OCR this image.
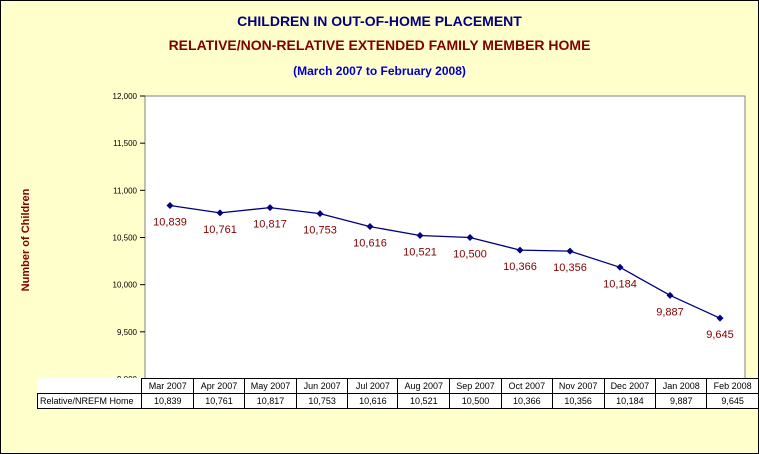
CHILDREN IN OUT-OF-HOME PLACEMENT
RELATIVE/NON-RELATIVE EXTENDED FAMILY MEMBER HOME
(March 2007 to February 2008)
Number of Children
9,500
10,000
10,500
11,000
11,500
12,000
10,839
10,761 10,817
10,753
10,616
10,521 10,500
10,366 10,356
10,184
9,887
9,645
	Mar 2007	Apr 2007	May 2007	Jun 2007	Jul 2007	Aug 2007	Sep 2007	Oct 2007	Nov 2007	Dec 2007	Jan 2008	Feb 2008
Relative/NREFM Home	10,839	10,761	10,817	10,753	10,616	10,521	10,500	10,366	10,356	10,184	9,887	9,645
